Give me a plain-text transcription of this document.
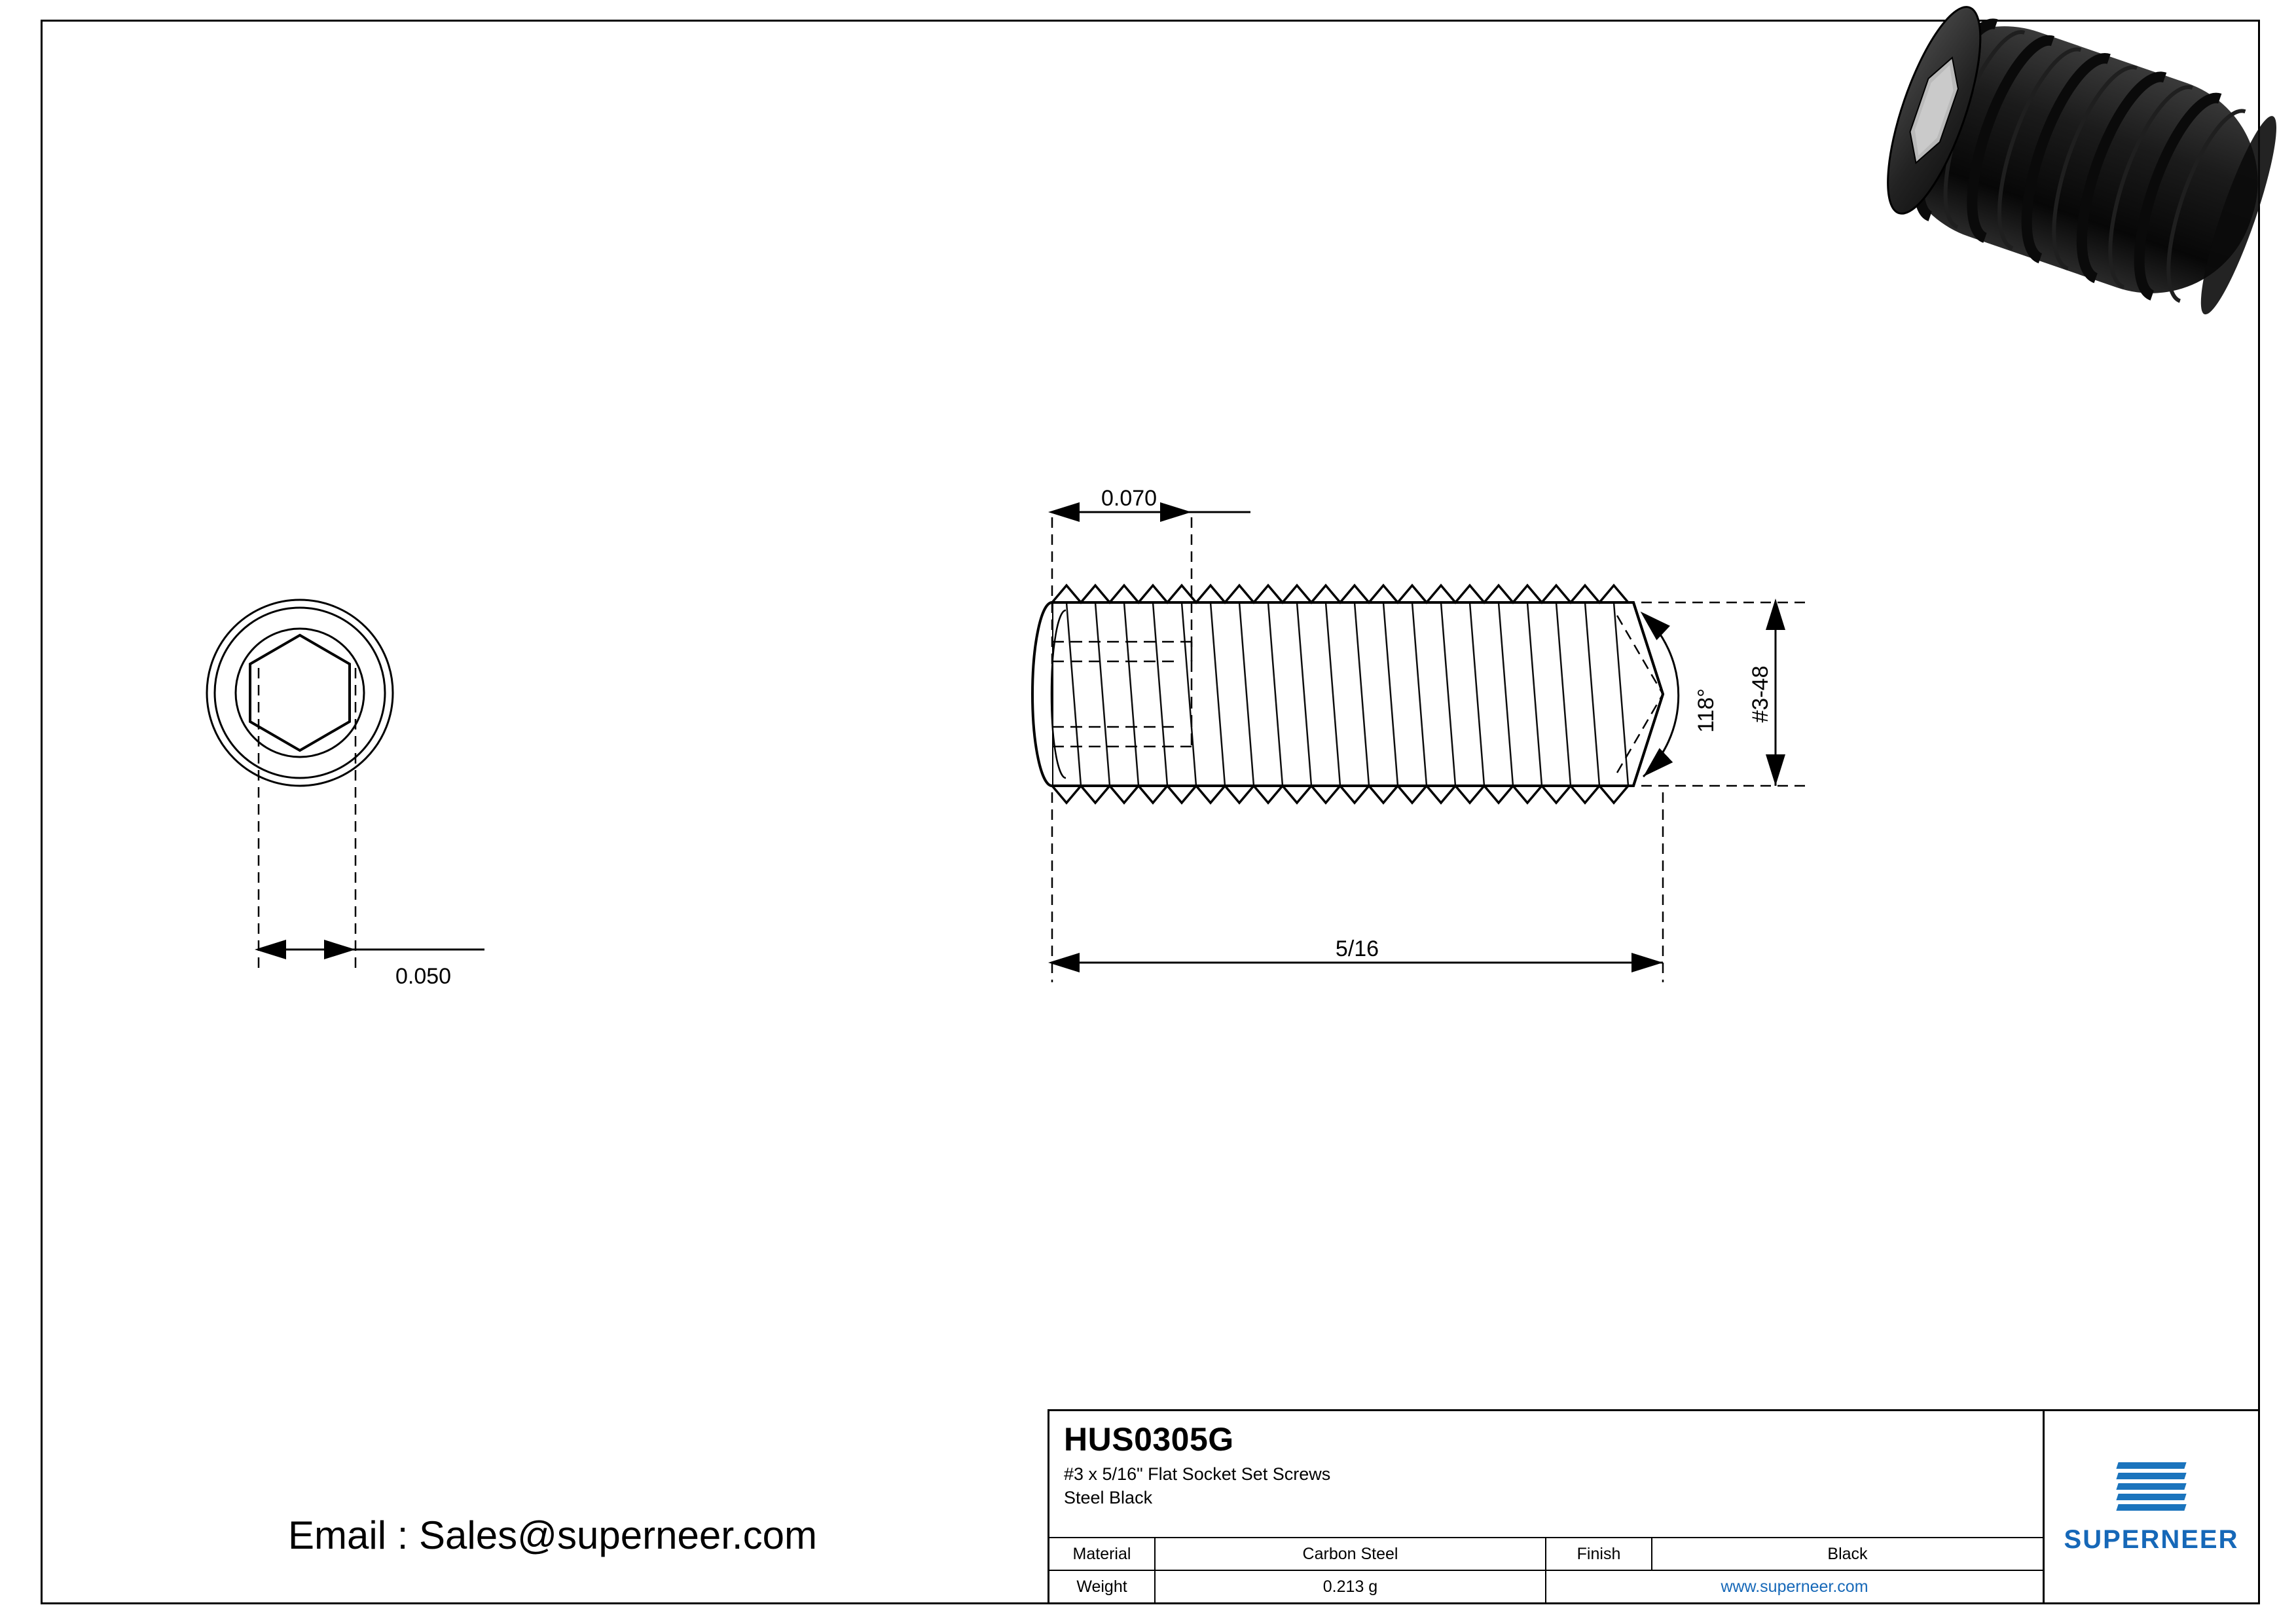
0.050
0.070
118° #3-48
5/16
Email : Sales@superneer.com
HUS0305G
#3 x 5/16" Flat Socket Set Screws
Steel Black
Material	Carbon Steel	Finish	Black
Weight	0.213 g	www.superneer.com	
SUPERNEER
